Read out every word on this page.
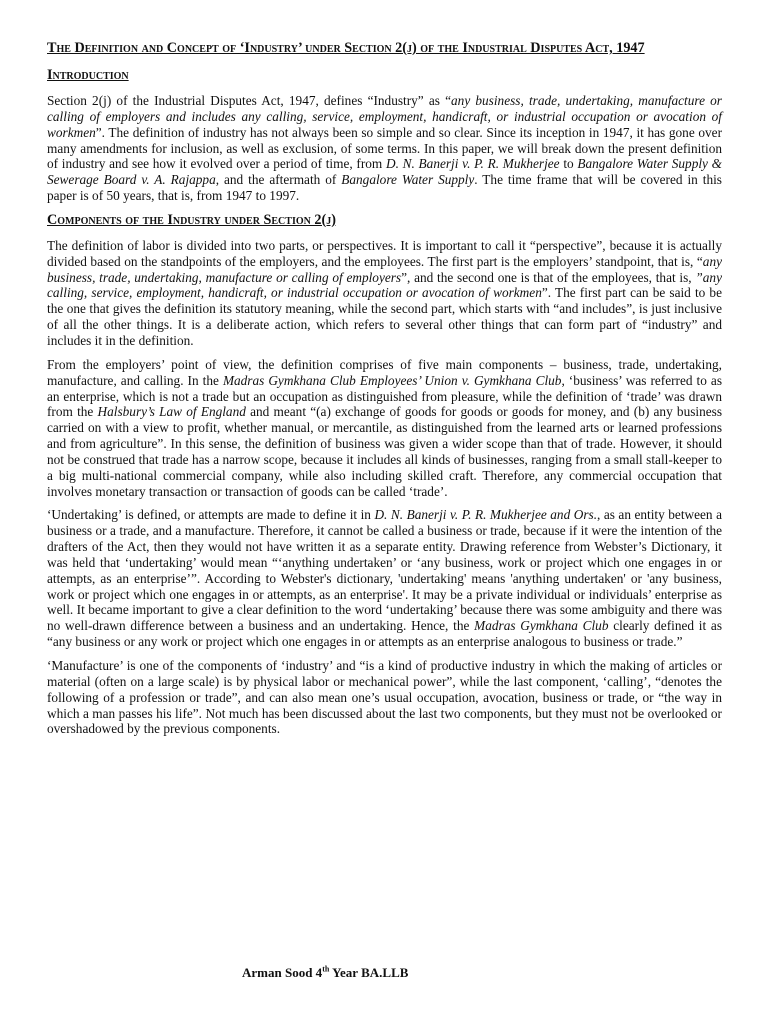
The Definition and Concept of ‘Industry’ under Section 2(j) of the Industrial Disputes Act, 1947
Introduction

Section 2(j) of the Industrial Disputes Act, 1947, defines “Industry” as “any business, trade, undertaking, manufacture or calling of employers and includes any calling, service, employment, handicraft, or industrial occupation or avocation of workmen”. The definition of industry has not always been so simple and so clear. Since its inception in 1947, it has gone over many amendments for inclusion, as well as exclusion, of some terms. In this paper, we will break down the present definition of industry and see how it evolved over a period of time, from D. N. Banerji v. P. R. Mukherjee to Bangalore Water Supply & Sewerage Board v. A. Rajappa, and the aftermath of Bangalore Water Supply. The time frame that will be covered in this paper is of 50 years, that is, from 1947 to 1997.

Components of the Industry under Section 2(j)

The definition of labor is divided into two parts, or perspectives. It is important to call it “perspective”, because it is actually divided based on the standpoints of the employers, and the employees. The first part is the employers’ standpoint, that is, “any business, trade, undertaking, manufacture or calling of employers”, and the second one is that of the employees, that is, ”any calling, service, employment, handicraft, or industrial occupation or avocation of workmen”. The first part can be said to be the one that gives the definition its statutory meaning, while the second part, which starts with “and includes”, is just inclusive of all the other things. It is a deliberate action, which refers to several other things that can form part of “industry” and includes it in the definition.

From the employers’ point of view, the definition comprises of five main components – business, trade, undertaking, manufacture, and calling. In the Madras Gymkhana Club Employees’ Union v. Gymkhana Club, ‘business’ was referred to as an enterprise, which is not a trade but an occupation as distinguished from pleasure, while the definition of ‘trade’ was drawn from the Halsbury’s Law of England and meant “(a) exchange of goods for goods or goods for money, and (b) any business carried on with a view to profit, whether manual, or mercantile, as distinguished from the learned arts or learned professions and from agriculture”. In this sense, the definition of business was given a wider scope than that of trade. However, it should not be construed that trade has a narrow scope, because it includes all kinds of businesses, ranging from a small stall-keeper to a big multi-national commercial company, while also including skilled craft. Therefore, any commercial occupation that involves monetary transaction or transaction of goods can be called ‘trade’.

‘Undertaking’ is defined, or attempts are made to define it in D. N. Banerji v. P. R. Mukherjee and Ors., as an entity between a business or a trade, and a manufacture. Therefore, it cannot be called a business or trade, because if it were the intention of the drafters of the Act, then they would not have written it as a separate entity. Drawing reference from Webster’s Dictionary, it was held that ‘undertaking’ would mean “‘anything undertaken’ or ‘any business, work or project which one engages in or attempts, as an enterprise’”. According to Webster's dictionary, 'undertaking' means 'anything undertaken' or 'any business, work or project which one engages in or attempts, as an enterprise'. It may be a private individual or individuals’ enterprise as well. It became important to give a clear definition to the word ‘undertaking’ because there was some ambiguity and there was no well-drawn difference between a business and an undertaking. Hence, the Madras Gymkhana Club clearly defined it as “any business or any work or project which one engages in or attempts as an enterprise analogous to business or trade.”

‘Manufacture’ is one of the components of ‘industry’ and “is a kind of productive industry in which the making of articles or material (often on a large scale) is by physical labor or mechanical power”, while the last component, ‘calling’, “denotes the following of a profession or trade”, and can also mean one’s usual occupation, avocation, business or trade, or “the way in which a man passes his life”. Not much has been discussed about the last two components, but they must not be overlooked or overshadowed by the previous components.

Arman Sood 4th Year BA.LLB
